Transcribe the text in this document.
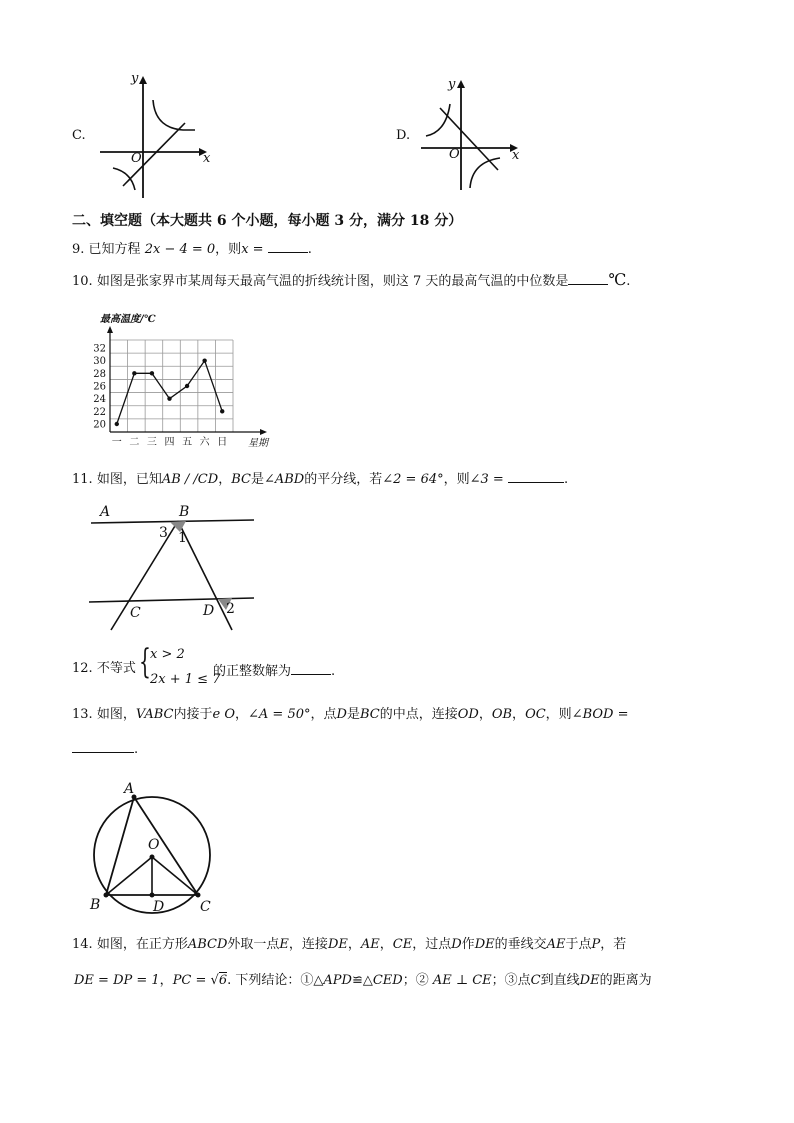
C.
x
y
O
D.
x
y
O
二、填空题（本大题共 6 个小题，每小题 3 分，满分 18 分）
9. 已知方程 2x − 4 = 0，则x =	.
10. 如图是张家界市某周每天最高气温的折线统计图，则这 7 天的最高气温的中位数是	℃.
20
22
24
26
28
30
32
一 二 三 四 五 六 日
最高温度/℃
星期
11. 如图，已知AB / /CD，BC是∠ABD的平分线，若∠2 = 64°，则∠3 =	.
A	B
C	D
1
2
3
12. 不等式 { x > 2
2x + 1 ≤ 7
的正整数解为	.
13. 如图，VABC内接于e O，∠A = 50°，点D是BC的中点，连接OD，OB，OC，则∠BOD =
.
A
B	C
D
O
14. 如图，在正方形ABCD外取一点E，连接DE，AE，CE，过点D作DE的垂线交AE于点P，若
DE = DP = 1，PC = √6. 下列结论：①△APD≌△CED；② AE ⊥ CE；③点C到直线DE的距离为
